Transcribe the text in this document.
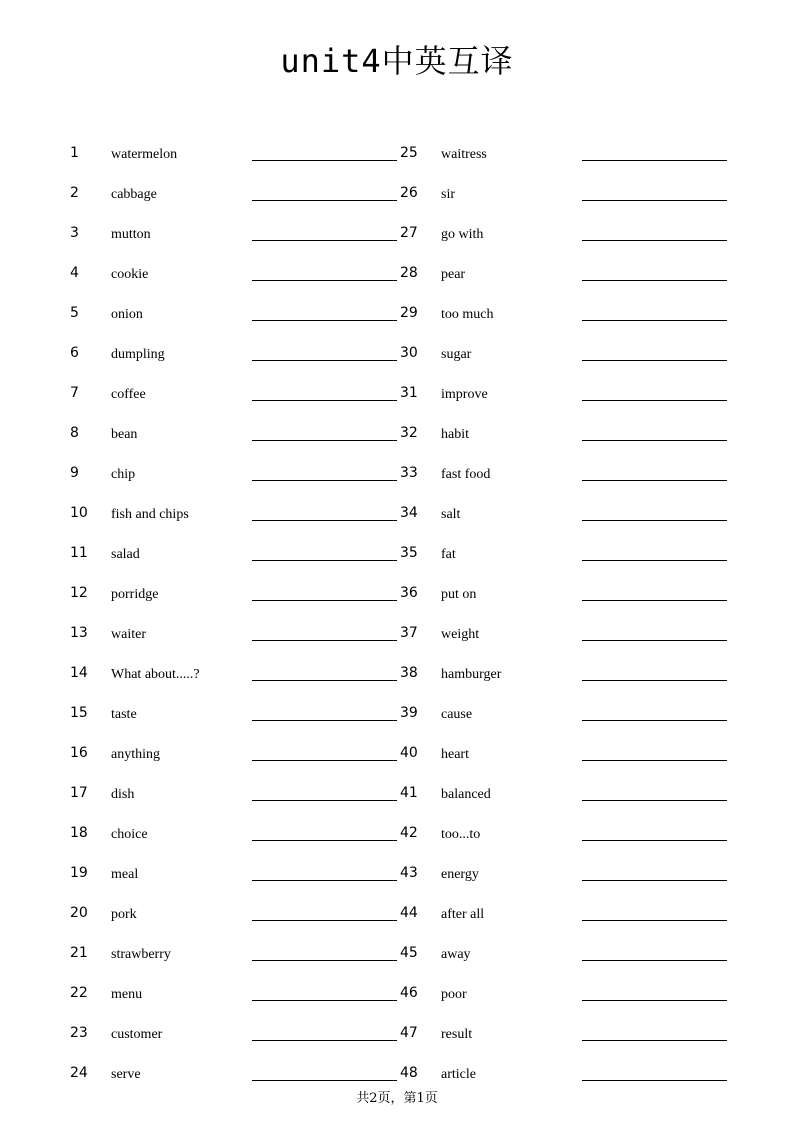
unit4中英互译
1 watermelon	25 waitress
2 cabbage	26 sir
3 mutton	27 go with
4 cookie	28 pear
5 onion	29 too much
6 dumpling	30 sugar
7 coffee	31 improve
8 bean	32 habit
9 chip	33 fast food
10 fish and chips	34 salt
11 salad	35 fat
12 porridge	36 put on
13 waiter	37 weight
14 What about.....?	38 hamburger
15 taste	39 cause
16 anything	40 heart
17 dish	41 balanced
18 choice	42 too...to
19 meal	43 energy
20 pork	44 after all
21 strawberry	45 away
22 menu	46 poor
23 customer	47 result
24 serve	48 article
共2页，第1页
